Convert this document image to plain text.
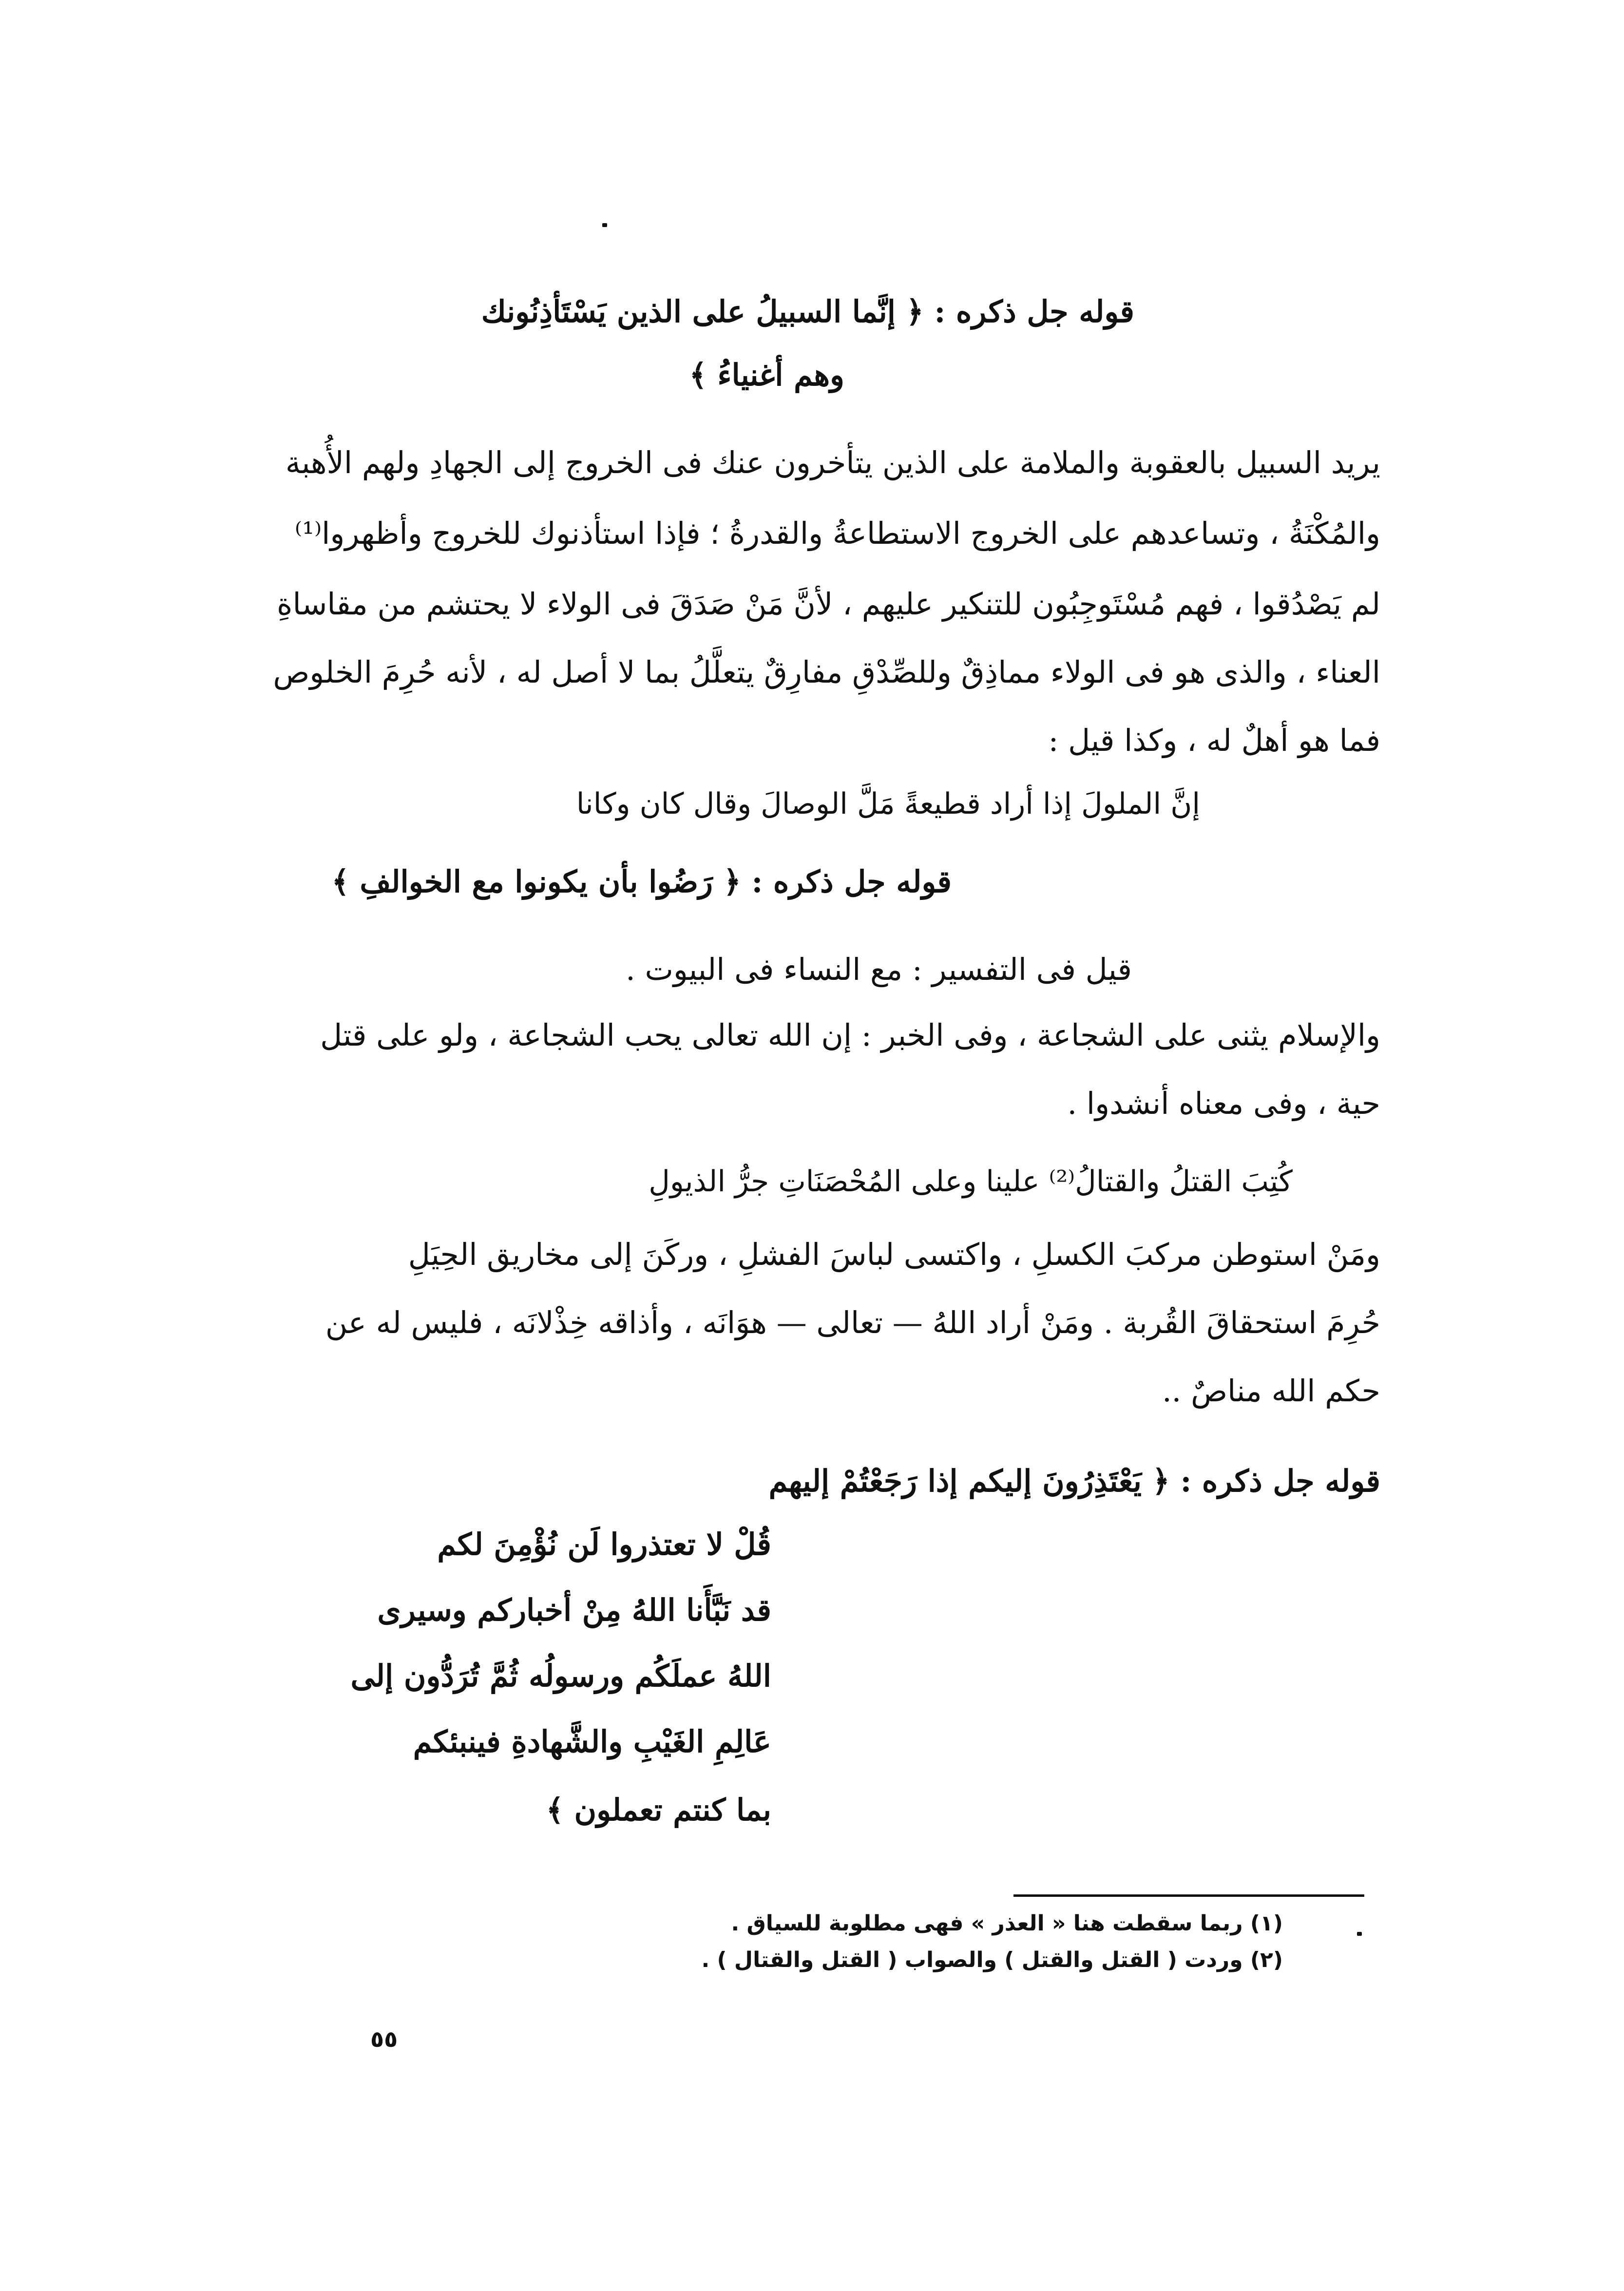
قوله جل ذكره : ﴿ إنَّما السبيلُ على الذين يَسْتَأذِنُونك
وهم أغنياءُ ﴾
يريد السبيل بالعقوبة والملامة على الذين يتأخرون عنك فى الخروج إلى الجهادِ ولهم الأُهبة
والمُكْنَةُ ، وتساعدهم على الخروج الاستطاعةُ والقدرةُ ؛ فإذا استأذنوك للخروج وأظهروا⁽¹⁾
لم يَصْدُقوا ، فهم مُسْتَوجِبُون للتنكير عليهم ، لأنَّ مَنْ صَدَقَ فى الولاء لا يحتشم من مقاساةِ
العناء ، والذى هو فى الولاء مماذِقٌ وللصِّدْقِ مفارِقٌ يتعلَّلُ بما لا أصل له ، لأنه حُرِمَ الخلوص
فما هو أهلٌ له ، وكذا قيل :
إنَّ الملولَ إذا أراد قطيعةً مَلَّ الوصالَ وقال كان وكانا
قوله جل ذكره : ﴿ رَضُوا بأن يكونوا مع الخوالفِ ﴾
قيل فى التفسير : مع النساء فى البيوت .
والإسلام يثنى على الشجاعة ، وفى الخبر : إن الله تعالى يحب الشجاعة ، ولو على قتل
حية ، وفى معناه أنشدوا .
كُتِبَ القتلُ والقتالُ⁽²⁾ علينا وعلى المُحْصَنَاتِ جرُّ الذيولِ
ومَنْ استوطن مركبَ الكسلِ ، واكتسى لباسَ الفشلِ ، وركَنَ إلى مخاريق الحِيَلِ
حُرِمَ استحقاقَ القُربة . ومَنْ أراد اللهُ — تعالى — هوَانَه ، وأذاقه خِذْلانَه ، فليس له عن
حكم الله مناصٌ ..
قوله جل ذكره : ﴿ يَعْتَذِرُونَ إليكم إذا رَجَعْتُمْ إليهم
قُلْ لا تعتذروا لَن نُؤْمِنَ لكم
قد نَبَّأَنا اللهُ مِنْ أخباركم وسيرى
اللهُ عملَكُم ورسولُه ثُمَّ تُرَدُّون إلى
عَالِمِ الغَيْبِ والشَّهادةِ فينبئكم
بما كنتم تعملون ﴾
(١) ربما سقطت هنا « العذر » فهى مطلوبة للسياق .
(٢) وردت ( القتل والقتل ) والصواب ( القتل والقتال ) .
٥٥
